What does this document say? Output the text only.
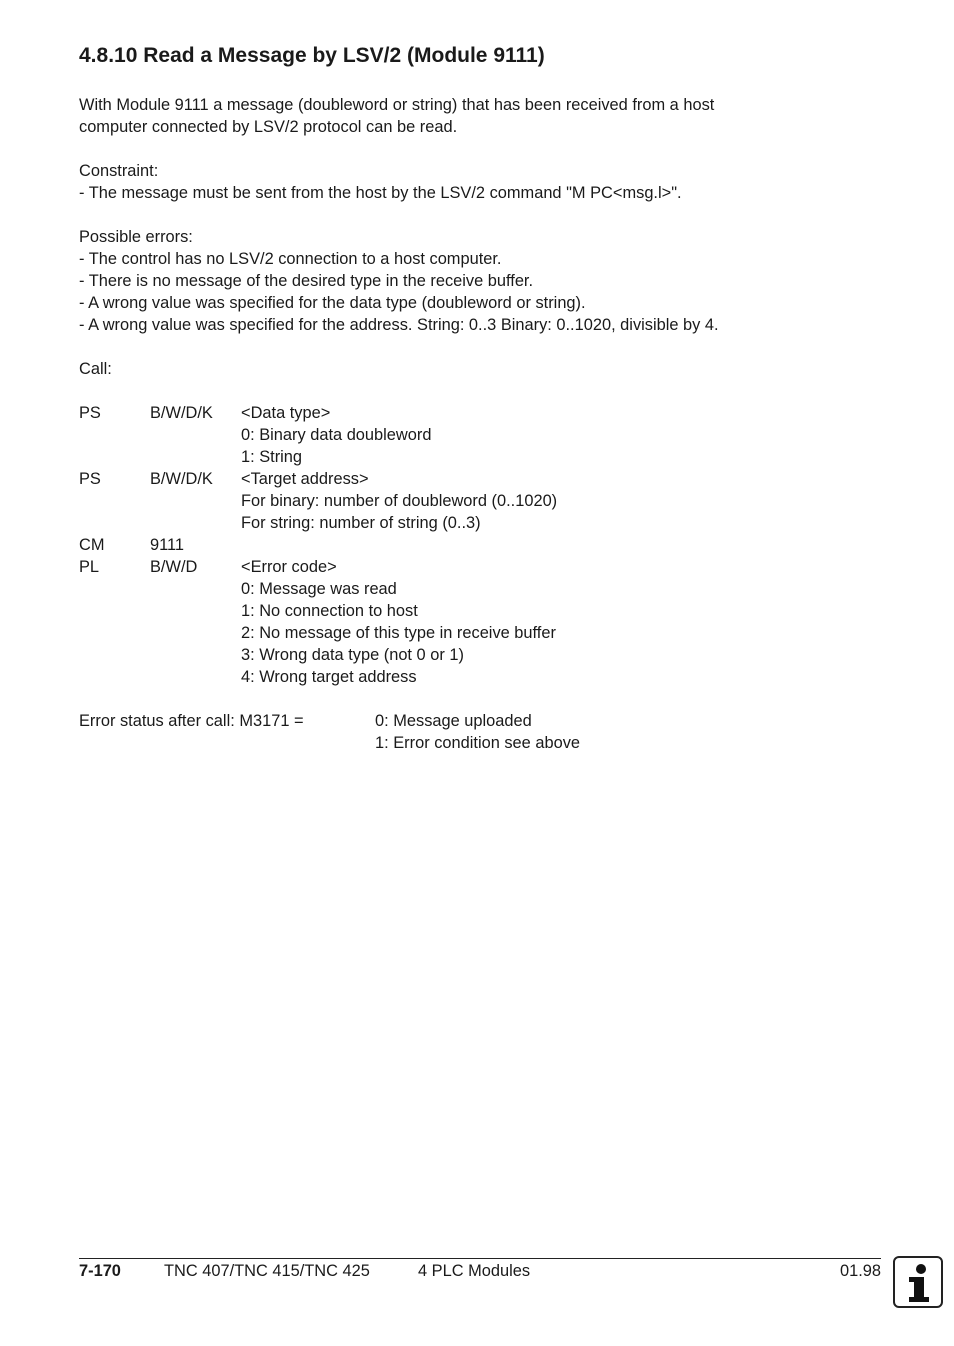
4.8.10 Read a Message by LSV/2 (Module 9111)
With Module 9111 a message (doubleword or string) that has been received from a host
computer connected by LSV/2 protocol can be read.
Constraint:
- The message must be sent from the host by the LSV/2 command "M PC<msg.l>".
Possible errors:
- The control has no LSV/2 connection to a host computer.
- There is no message of the desired type in the receive buffer.
- A wrong value was specified for the data type (doubleword or string).
- A wrong value was specified for the address. String: 0..3 Binary: 0..1020, divisible by 4.
Call:
PS	B/W/D/K	<Data type>
0: Binary data doubleword
1: String
PS	B/W/D/K	<Target address>
For binary: number of doubleword (0..1020)
For string: number of string (0..3)
CM	9111
PL	B/W/D	<Error code>
0: Message was read
1: No connection to host
2: No message of this type in receive buffer
3: Wrong data type (not 0 or 1)
4: Wrong target address
Error status after call: M3171 =	0: Message uploaded
1: Error condition see above
7-170	TNC 407/TNC 415/TNC 425	4 PLC Modules	01.98
